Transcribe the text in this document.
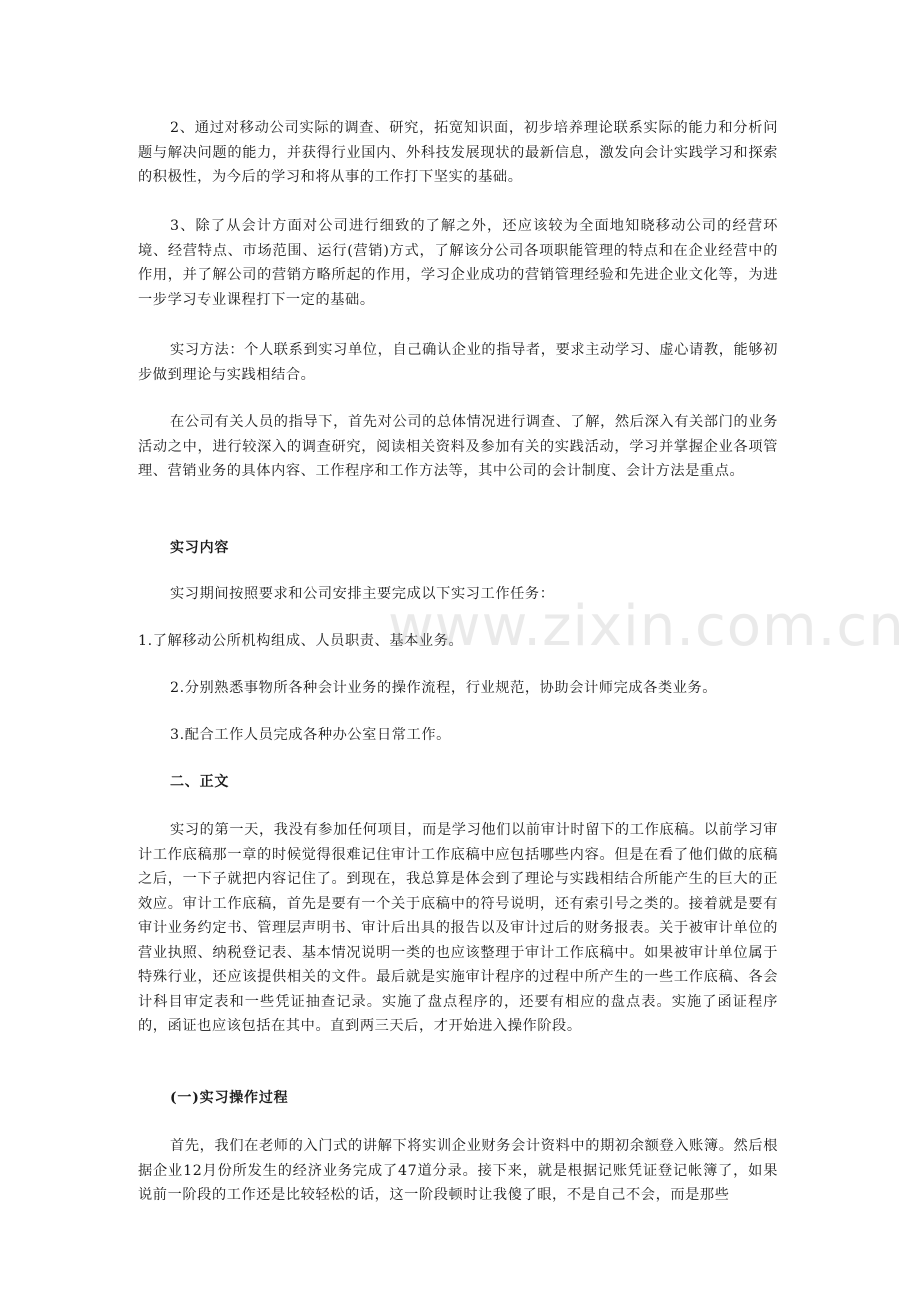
2、通过对移动公司实际的调查、研究，拓宽知识面，初步培养理论联系实际的能力和分析问题与解决问题的能力，并获得行业国内、外科技发展现状的最新信息，激发向会计实践学习和探索的积极性，为今后的学习和将从事的工作打下坚实的基础。

3、除了从会计方面对公司进行细致的了解之外，还应该较为全面地知晓移动公司的经营环境、经营特点、市场范围、运行(营销)方式，了解该分公司各项职能管理的特点和在企业经营中的作用，并了解公司的营销方略所起的作用，学习企业成功的营销管理经验和先进企业文化等，为进一步学习专业课程打下一定的基础。

实习方法：个人联系到实习单位，自己确认企业的指导者，要求主动学习、虚心请教，能够初步做到理论与实践相结合。

在公司有关人员的指导下，首先对公司的总体情况进行调查、了解，然后深入有关部门的业务活动之中，进行较深入的调查研究，阅读相关资料及参加有关的实践活动，学习并掌握企业各项管理、营销业务的具体内容、工作程序和工作方法等，其中公司的会计制度、会计方法是重点。

实习内容

实习期间按照要求和公司安排主要完成以下实习工作任务：

1.了解移动公所机构组成、人员职责、基本业务。

2.分别熟悉事物所各种会计业务的操作流程，行业规范，协助会计师完成各类业务。

3.配合工作人员完成各种办公室日常工作。

二、正文

实习的第一天，我没有参加任何项目，而是学习他们以前审计时留下的工作底稿。以前学习审计工作底稿那一章的时候觉得很难记住审计工作底稿中应包括哪些内容。但是在看了他们做的底稿之后，一下子就把内容记住了。到现在，我总算是体会到了理论与实践相结合所能产生的巨大的正效应。审计工作底稿，首先是要有一个关于底稿中的符号说明，还有索引号之类的。接着就是要有审计业务约定书、管理层声明书、审计后出具的报告以及审计过后的财务报表。关于被审计单位的营业执照、纳税登记表、基本情况说明一类的也应该整理于审计工作底稿中。如果被审计单位属于特殊行业，还应该提供相关的文件。最后就是实施审计程序的过程中所产生的一些工作底稿、各会计科目审定表和一些凭证抽查记录。实施了盘点程序的，还要有相应的盘点表。实施了函证程序的，函证也应该包括在其中。直到两三天后，才开始进入操作阶段。

(一)实习操作过程

首先，我们在老师的入门式的讲解下将实训企业财务会计资料中的期初余额登入账簿。然后根据企业12月份所发生的经济业务完成了47道分录。接下来，就是根据记账凭证登记帐簿了，如果说前一阶段的工作还是比较轻松的话，这一阶段顿时让我傻了眼，不是自己不会，而是那些

www.zixin.com.cn
